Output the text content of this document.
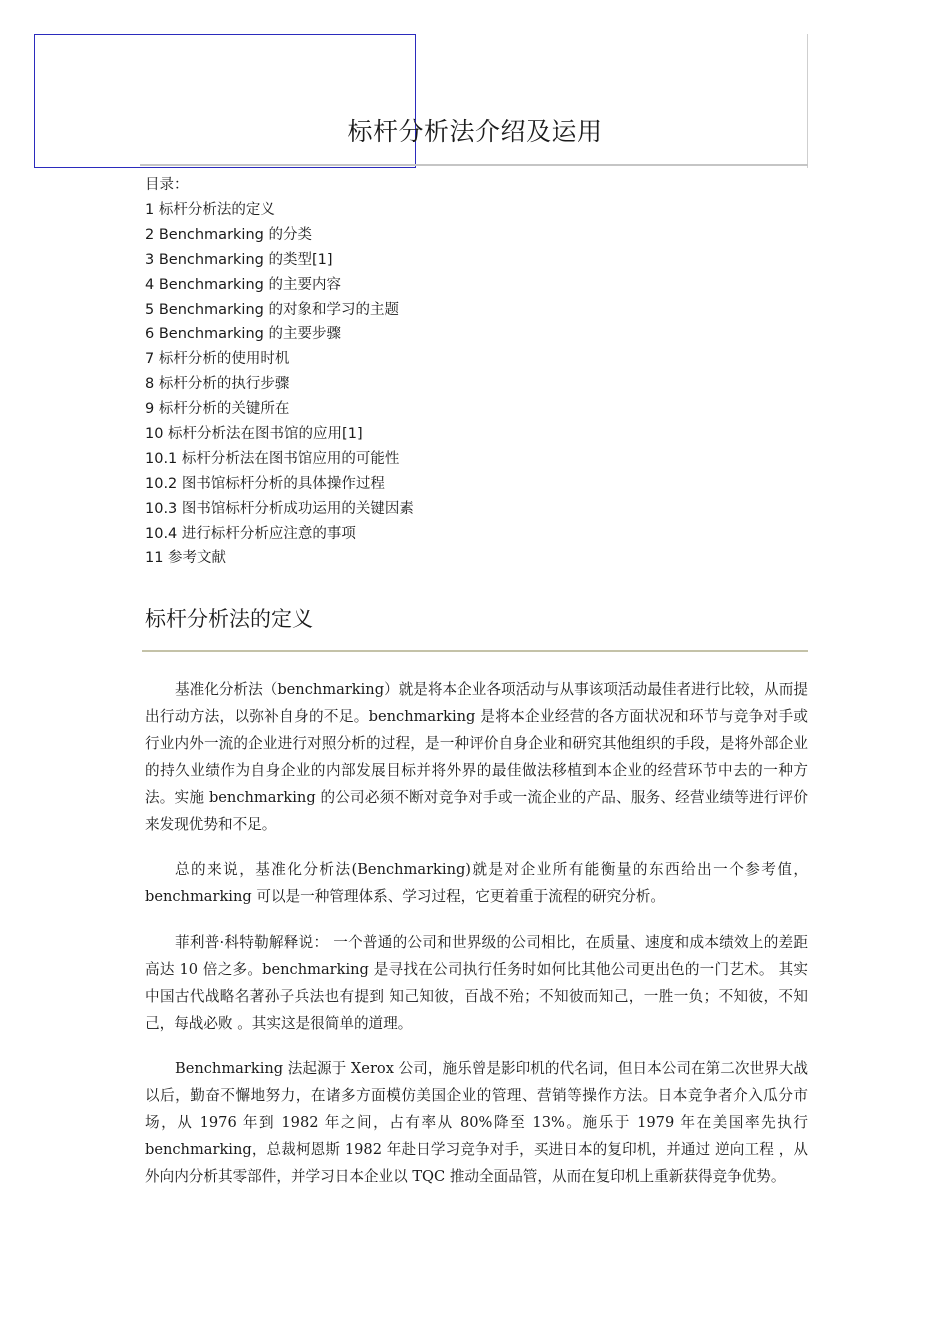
标杆分析法介绍及运用
目录：
1 标杆分析法的定义
2 Benchmarking 的分类
3 Benchmarking 的类型[1]
4 Benchmarking 的主要内容
5 Benchmarking 的对象和学习的主题
6 Benchmarking 的主要步骤
7 标杆分析的使用时机
8 标杆分析的执行步骤
9 标杆分析的关键所在
10 标杆分析法在图书馆的应用[1]
10.1 标杆分析法在图书馆应用的可能性
10.2 图书馆标杆分析的具体操作过程
10.3 图书馆标杆分析成功运用的关键因素
10.4 进行标杆分析应注意的事项
11 参考文献
标杆分析法的定义

基准化分析法（benchmarking）就是将本企业各项活动与从事该项活动最佳者进行比较，从而提出行动方法，以弥补自身的不足。benchmarking 是将本企业经营的各方面状况和环节与竞争对手或行业内外一流的企业进行对照分析的过程，是一种评价自身企业和研究其他组织的手段，是将外部企业的持久业绩作为自身企业的内部发展目标并将外界的最佳做法移植到本企业的经营环节中去的一种方法。实施 benchmarking 的公司必须不断对竞争对手或一流企业的产品、服务、经营业绩等进行评价来发现优势和不足。

总的来说，基准化分析法(Benchmarking)就是对企业所有能衡量的东西给出一个参考值，benchmarking 可以是一种管理体系、学习过程，它更着重于流程的研究分析。

菲利普·科特勒解释说： 一个普通的公司和世界级的公司相比，在质量、速度和成本绩效上的差距高达 10 倍之多。benchmarking 是寻找在公司执行任务时如何比其他公司更出色的一门艺术。 其实中国古代战略名著孙子兵法也有提到 知己知彼，百战不殆；不知彼而知己，一胜一负；不知彼，不知己，每战必败 。其实这是很简单的道理。

Benchmarking 法起源于 Xerox 公司，施乐曾是影印机的代名词，但日本公司在第二次世界大战以后，勤奋不懈地努力，在诸多方面模仿美国企业的管理、营销等操作方法。日本竞争者介入瓜分市场，从 1976 年到 1982 年之间，占有率从 80%降至 13%。施乐于 1979 年在美国率先执行 benchmarking，总裁柯恩斯 1982 年赴日学习竞争对手，买进日本的复印机，并通过 逆向工程 ，从外向内分析其零部件，并学习日本企业以 TQC 推动全面品管，从而在复印机上重新获得竞争优势。
